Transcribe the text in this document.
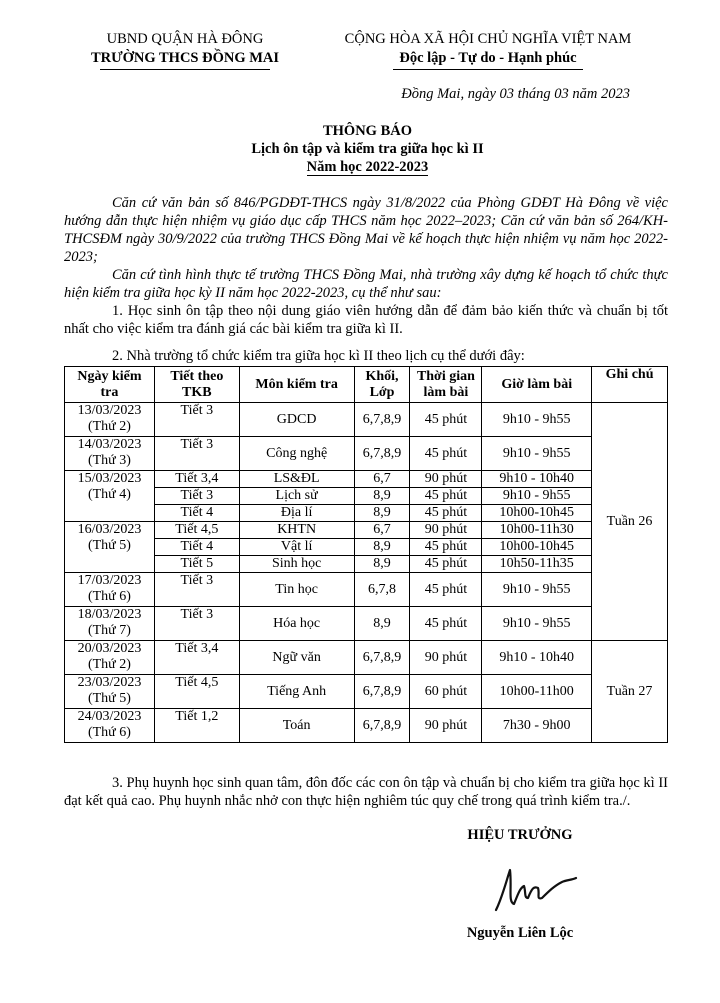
UBND QUẬN HÀ ĐÔNG
TRƯỜNG THCS ĐỒNG MAI
CỘNG HÒA XÃ HỘI CHỦ NGHĨA VIỆT NAM
Độc lập - Tự do - Hạnh phúc
Đồng Mai, ngày 03 tháng 03 năm 2023
THÔNG BÁO
Lịch ôn tập và kiểm tra giữa học kì II
Năm học 2022-2023
Căn cứ văn bản số 846/PGDĐT-THCS ngày 31/8/2022 của Phòng GDĐT Hà Đông về việc hướng dẫn thực hiện nhiệm vụ giáo dục cấp THCS năm học 2022–2023; Căn cứ văn bản số 264/KH-THCSĐM ngày 30/9/2022 của trường THCS Đồng Mai về kế hoạch thực hiện nhiệm vụ năm học 2022-2023;
Căn cứ tình hình thực tế trường THCS Đồng Mai, nhà trường xây dựng kế hoạch tổ chức thực hiện kiểm tra giữa học kỳ II năm học 2022-2023, cụ thể như sau:
1. Học sinh ôn tập theo nội dung giáo viên hướng dẫn để đảm bảo kiến thức và chuẩn bị tốt nhất cho việc kiểm tra đánh giá các bài kiểm tra giữa kì II.
2. Nhà trường tổ chức kiểm tra giữa học kì II theo lịch cụ thể dưới đây:
Ngày kiểm tra	Tiết theo TKB	Môn kiểm tra	Khối, Lớp	Thời gian làm bài	Giờ làm bài	Ghi chú

13/03/2023
(Thứ 2)	Tiết 3	GDCD	6,7,8,9	45 phút	9h10 - 9h55	Tuần 26

14/03/2023
(Thứ 3)	Tiết 3	Công nghệ	6,7,8,9	45 phút	9h10 - 9h55	

15/03/2023
(Thứ 4)	Tiết 3,4	LS&ĐL	6,7	90 phút	9h10 - 10h40	
	Tiết 3	Lịch sử	8,9	45 phút	9h10 - 9h55	
	Tiết 4	Địa lí	8,9	45 phút	10h00-10h45	

16/03/2023
(Thứ 5)	Tiết 4,5	KHTN	6,7	90 phút	10h00-11h30	
	Tiết 4	Vật lí	8,9	45 phút	10h00-10h45	
	Tiết 5	Sinh học	8,9	45 phút	10h50-11h35	

17/03/2023
(Thứ 6)	Tiết 3	Tin học	6,7,8	45 phút	9h10 - 9h55	

18/03/2023
(Thứ 7)	Tiết 3	Hóa học	8,9	45 phút	9h10 - 9h55	

20/03/2023
(Thứ 2)	Tiết 3,4	Ngữ văn	6,7,8,9	90 phút	9h10 - 10h40	Tuần 27

23/03/2023
(Thứ 5)	Tiết 4,5	Tiếng Anh	6,7,8,9	60 phút	10h00-11h00	

24/03/2023
(Thứ 6)	Tiết 1,2	Toán	6,7,8,9	90 phút	7h30 - 9h00	
3. Phụ huynh học sinh quan tâm, đôn đốc các con ôn tập và chuẩn bị cho kiểm tra giữa học kì II đạt kết quả cao. Phụ huynh nhắc nhở con thực hiện nghiêm túc quy chế trong quá trình kiểm tra./.
HIỆU TRƯỞNG
Nguyễn Liên Lộc
